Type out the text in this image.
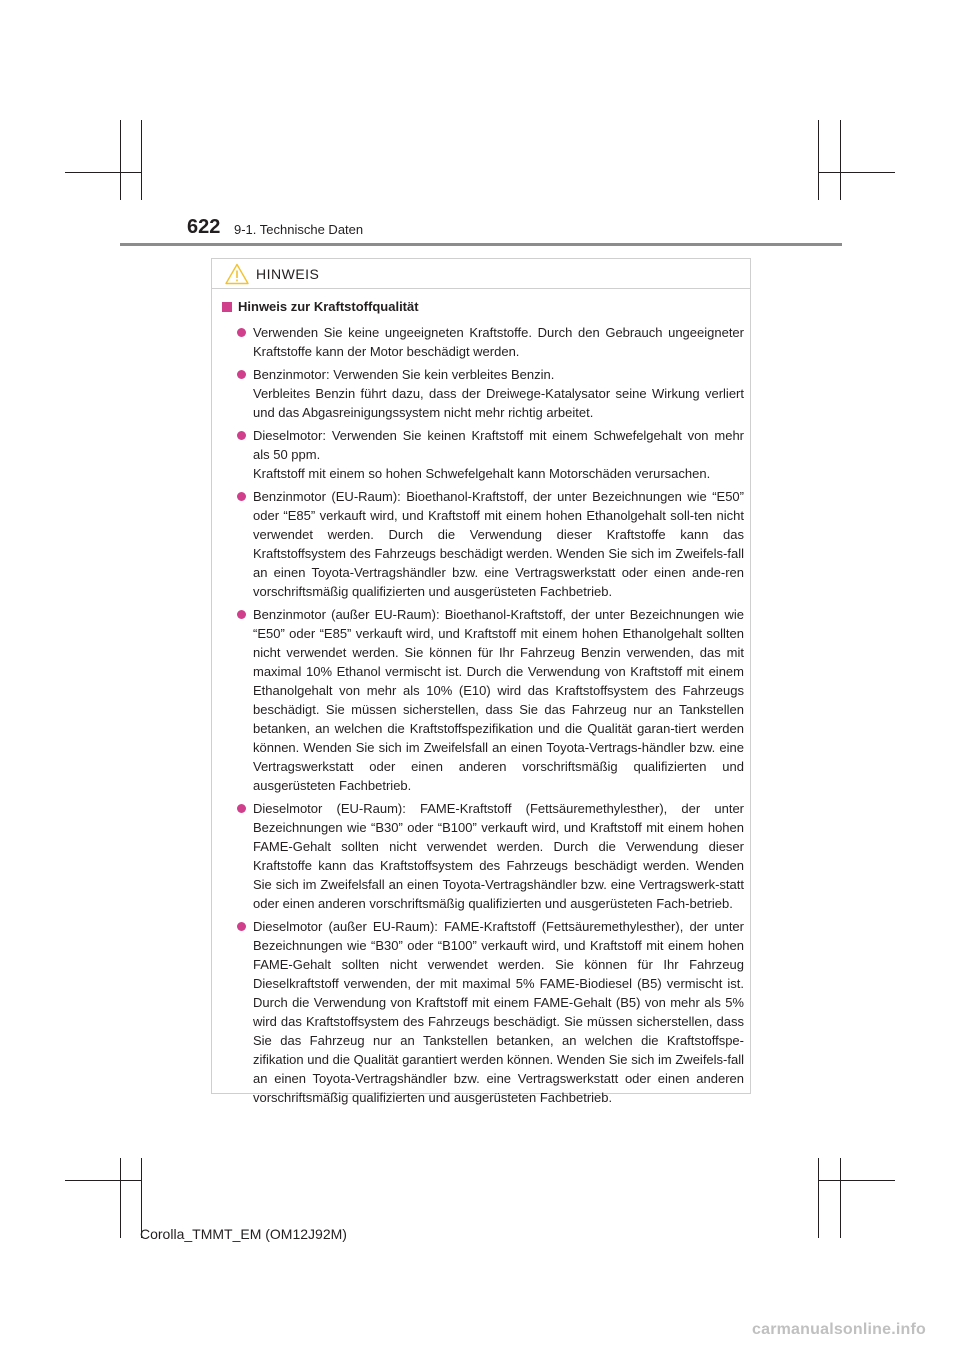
622 9-1. Technische Daten
HINWEIS
Hinweis zur Kraftstoffqualität

Verwenden Sie keine ungeeigneten Kraftstoffe. Durch den Gebrauch ungeeigneter Kraftstoffe kann der Motor beschädigt werden.

Benzinmotor: Verwenden Sie kein verbleites Benzin.

Verbleites Benzin führt dazu, dass der Dreiwege-Katalysator seine Wirkung verliert und das Abgasreinigungssystem nicht mehr richtig arbeitet.

Dieselmotor: Verwenden Sie keinen Kraftstoff mit einem Schwefelgehalt von mehr als 50 ppm.

Kraftstoff mit einem so hohen Schwefelgehalt kann Motorschäden verursachen.

Benzinmotor (EU-Raum): Bioethanol-Kraftstoff, der unter Bezeichnungen wie “E50” oder “E85” verkauft wird, und Kraftstoff mit einem hohen Ethanolgehalt soll-ten nicht verwendet werden. Durch die Verwendung dieser Kraftstoffe kann das Kraftstoffsystem des Fahrzeugs beschädigt werden. Wenden Sie sich im Zweifels-fall an einen Toyota-Vertragshändler bzw. eine Vertragswerkstatt oder einen ande-ren vorschriftsmäßig qualifizierten und ausgerüsteten Fachbetrieb.

Benzinmotor (außer EU-Raum): Bioethanol-Kraftstoff, der unter Bezeichnungen wie “E50” oder “E85” verkauft wird, und Kraftstoff mit einem hohen Ethanolgehalt sollten nicht verwendet werden. Sie können für Ihr Fahrzeug Benzin verwenden, das mit maximal 10% Ethanol vermischt ist. Durch die Verwendung von Kraftstoff mit einem Ethanolgehalt von mehr als 10% (E10) wird das Kraftstoffsystem des Fahrzeugs beschädigt. Sie müssen sicherstellen, dass Sie das Fahrzeug nur an Tankstellen betanken, an welchen die Kraftstoffspezifikation und die Qualität garan-tiert werden können. Wenden Sie sich im Zweifelsfall an einen Toyota-Vertrags-händler bzw. eine Vertragswerkstatt oder einen anderen vorschriftsmäßig qualifizierten und ausgerüsteten Fachbetrieb.

Dieselmotor (EU-Raum): FAME-Kraftstoff (Fettsäuremethylesther), der unter Bezeichnungen wie “B30” oder “B100” verkauft wird, und Kraftstoff mit einem hohen FAME-Gehalt sollten nicht verwendet werden. Durch die Verwendung dieser Kraftstoffe kann das Kraftstoffsystem des Fahrzeugs beschädigt werden. Wenden Sie sich im Zweifelsfall an einen Toyota-Vertragshändler bzw. eine Vertragswerk-statt oder einen anderen vorschriftsmäßig qualifizierten und ausgerüsteten Fach-betrieb.

Dieselmotor (außer EU-Raum): FAME-Kraftstoff (Fettsäuremethylesther), der unter Bezeichnungen wie “B30” oder “B100” verkauft wird, und Kraftstoff mit einem hohen FAME-Gehalt sollten nicht verwendet werden. Sie können für Ihr Fahrzeug Dieselkraftstoff verwenden, der mit maximal 5% FAME-Biodiesel (B5) vermischt ist. Durch die Verwendung von Kraftstoff mit einem FAME-Gehalt (B5) von mehr als 5% wird das Kraftstoffsystem des Fahrzeugs beschädigt. Sie müssen sicherstellen, dass Sie das Fahrzeug nur an Tankstellen betanken, an welchen die Kraftstoffspe-zifikation und die Qualität garantiert werden können. Wenden Sie sich im Zweifels-fall an einen Toyota-Vertragshändler bzw. eine Vertragswerkstatt oder einen anderen vorschriftsmäßig qualifizierten und ausgerüsteten Fachbetrieb.

Corolla_TMMT_EM (OM12J92M)
carmanualsonline.info
